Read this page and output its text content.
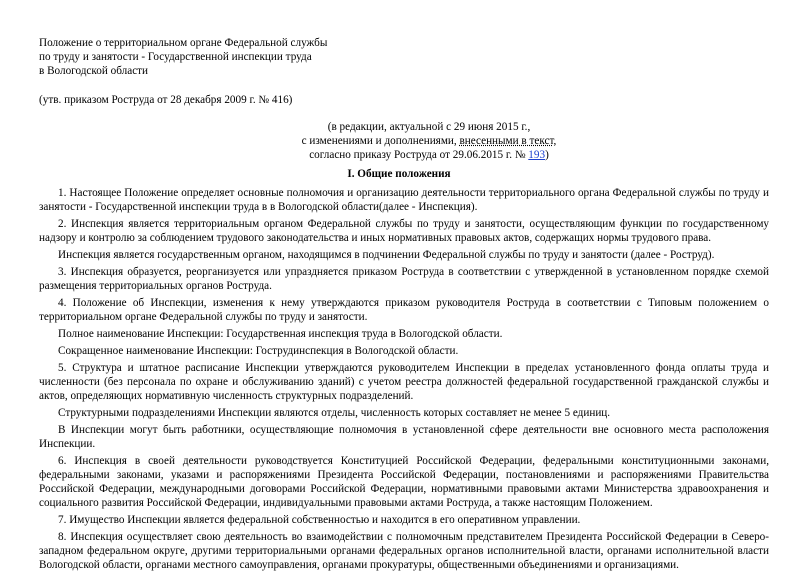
Положение о территориальном органе Федеральной службы
по труду и занятости - Государственной инспекции труда
в Вологодской области
(утв. приказом Роструда от 28 декабря 2009 г. № 416)
(в редакции, актуальной с 29 июня 2015 г.,
с изменениями и дополнениями, внесенными в текст,
согласно приказу Роструда от 29.06.2015 г. № 193)
I. Общие положения
1. Настоящее Положение определяет основные полномочия и организацию деятельности территориального органа Федеральной службы по труду и занятости - Государственной инспекции труда в в Вологодской области(далее - Инспекция).
2. Инспекция является территориальным органом Федеральной службы по труду и занятости, осуществляющим функции по государственному надзору и контролю за соблюдением трудового законодательства и иных нормативных правовых актов, содержащих нормы трудового права.
Инспекция является государственным органом, находящимся в подчинении Федеральной службы по труду и занятости (далее - Роструд).
3. Инспекция образуется, реорганизуется или упраздняется приказом Роструда в соответствии с утвержденной в установленном порядке схемой размещения территориальных органов Роструда.
4. Положение об Инспекции, изменения к нему утверждаются приказом руководителя Роструда в соответствии с Типовым положением о территориальном органе Федеральной службы по труду и занятости.
Полное наименование Инспекции: Государственная инспекция труда в Вологодской области.
Сокращенное наименование Инспекции: Гострудинспекция в Вологодской области.
5. Структура и штатное расписание Инспекции утверждаются руководителем Инспекции в пределах установленного фонда оплаты труда и численности (без персонала по охране и обслуживанию зданий) с учетом реестра должностей федеральной государственной гражданской службы и актов, определяющих нормативную численность структурных подразделений.
Структурными подразделениями Инспекции являются отделы, численность которых составляет не менее 5 единиц.
В Инспекции могут быть работники, осуществляющие полномочия в установленной сфере деятельности вне основного места расположения Инспекции.
6. Инспекция в своей деятельности руководствуется Конституцией Российской Федерации, федеральными конституционными законами, федеральными законами, указами и распоряжениями Президента Российской Федерации, постановлениями и распоряжениями Правительства Российской Федерации, международными договорами Российской Федерации, нормативными правовыми актами Министерства здравоохранения и социального развития Российской Федерации, индивидуальными правовыми актами Роструда, а также настоящим Положением.
7. Имущество Инспекции является федеральной собственностью и находится в его оперативном управлении.
8. Инспекция осуществляет свою деятельность во взаимодействии с полномочным представителем Президента Российской Федерации в Северо-западном федеральном округе, другими территориальными органами федеральных органов исполнительной власти, органами исполнительной власти Вологодской области, органами местного самоуправления, органами прокуратуры, общественными объединениями и организациями.
